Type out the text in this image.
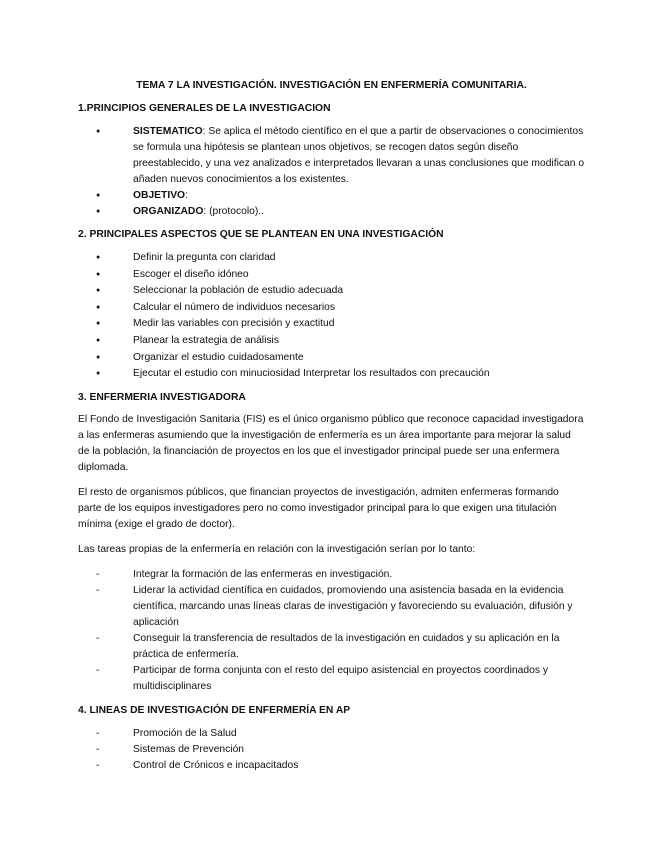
TEMA 7 LA INVESTIGACIÓN. INVESTIGACIÓN EN ENFERMERÍA COMUNITARIA.
1.PRINCIPIOS GENERALES DE LA INVESTIGACION
● SISTEMATICO: Se aplica el método científico en el que a partir de observaciones o conocimientos se formula una hipótesis se plantean unos objetivos, se recogen datos según diseño preestablecido, y una vez analizados e interpretados llevaran a unas conclusiones que modifican o añaden nuevos conocimientos a los existentes.
● OBJETIVO:
● ORGANIZADO: (protocolo)..
2. PRINCIPALES ASPECTOS QUE SE PLANTEAN EN UNA INVESTIGACIÓN
● Definir la pregunta con claridad
● Escoger el diseño idóneo
● Seleccionar la población de estudio adecuada
● Calcular el número de individuos necesarios
● Medir las variables con precisión y exactitud
● Planear la estrategia de análisis
● Organizar el estudio cuidadosamente
● Ejecutar el estudio con minuciosidad Interpretar los resultados con precaución
3. ENFERMERIA INVESTIGADORA

El Fondo de Investigación Sanitaria (FIS) es el único organismo público que reconoce capacidad investigadora a las enfermeras asumiendo que la investigación de enfermería es un área importante para mejorar la salud de la población, la financiación de proyectos en los que el investigador principal puede ser una enfermera diplomada.

El resto de organismos públicos, que financian proyectos de investigación, admiten enfermeras formando parte de los equipos investigadores pero no como investigador principal para lo que exigen una titulación mínima (exige el grado de doctor).

Las tareas propias de la enfermería en relación con la investigación serían por lo tanto:

- Integrar la formación de las enfermeras en investigación.
- Liderar la actividad científica en cuidados, promoviendo una asistencia basada en la evidencia científica, marcando unas líneas claras de investigación y favoreciendo su evaluación, difusión y aplicación
- Conseguir la transferencia de resultados de la investigación en cuidados y su aplicación en la práctica de enfermería.
- Participar de forma conjunta con el resto del equipo asistencial en proyectos coordinados y multidisciplinares
4. LINEAS DE INVESTIGACIÓN DE ENFERMERÍA EN AP
- Promoción de la Salud
- Sistemas de Prevención
- Control de Crónicos e incapacitados
